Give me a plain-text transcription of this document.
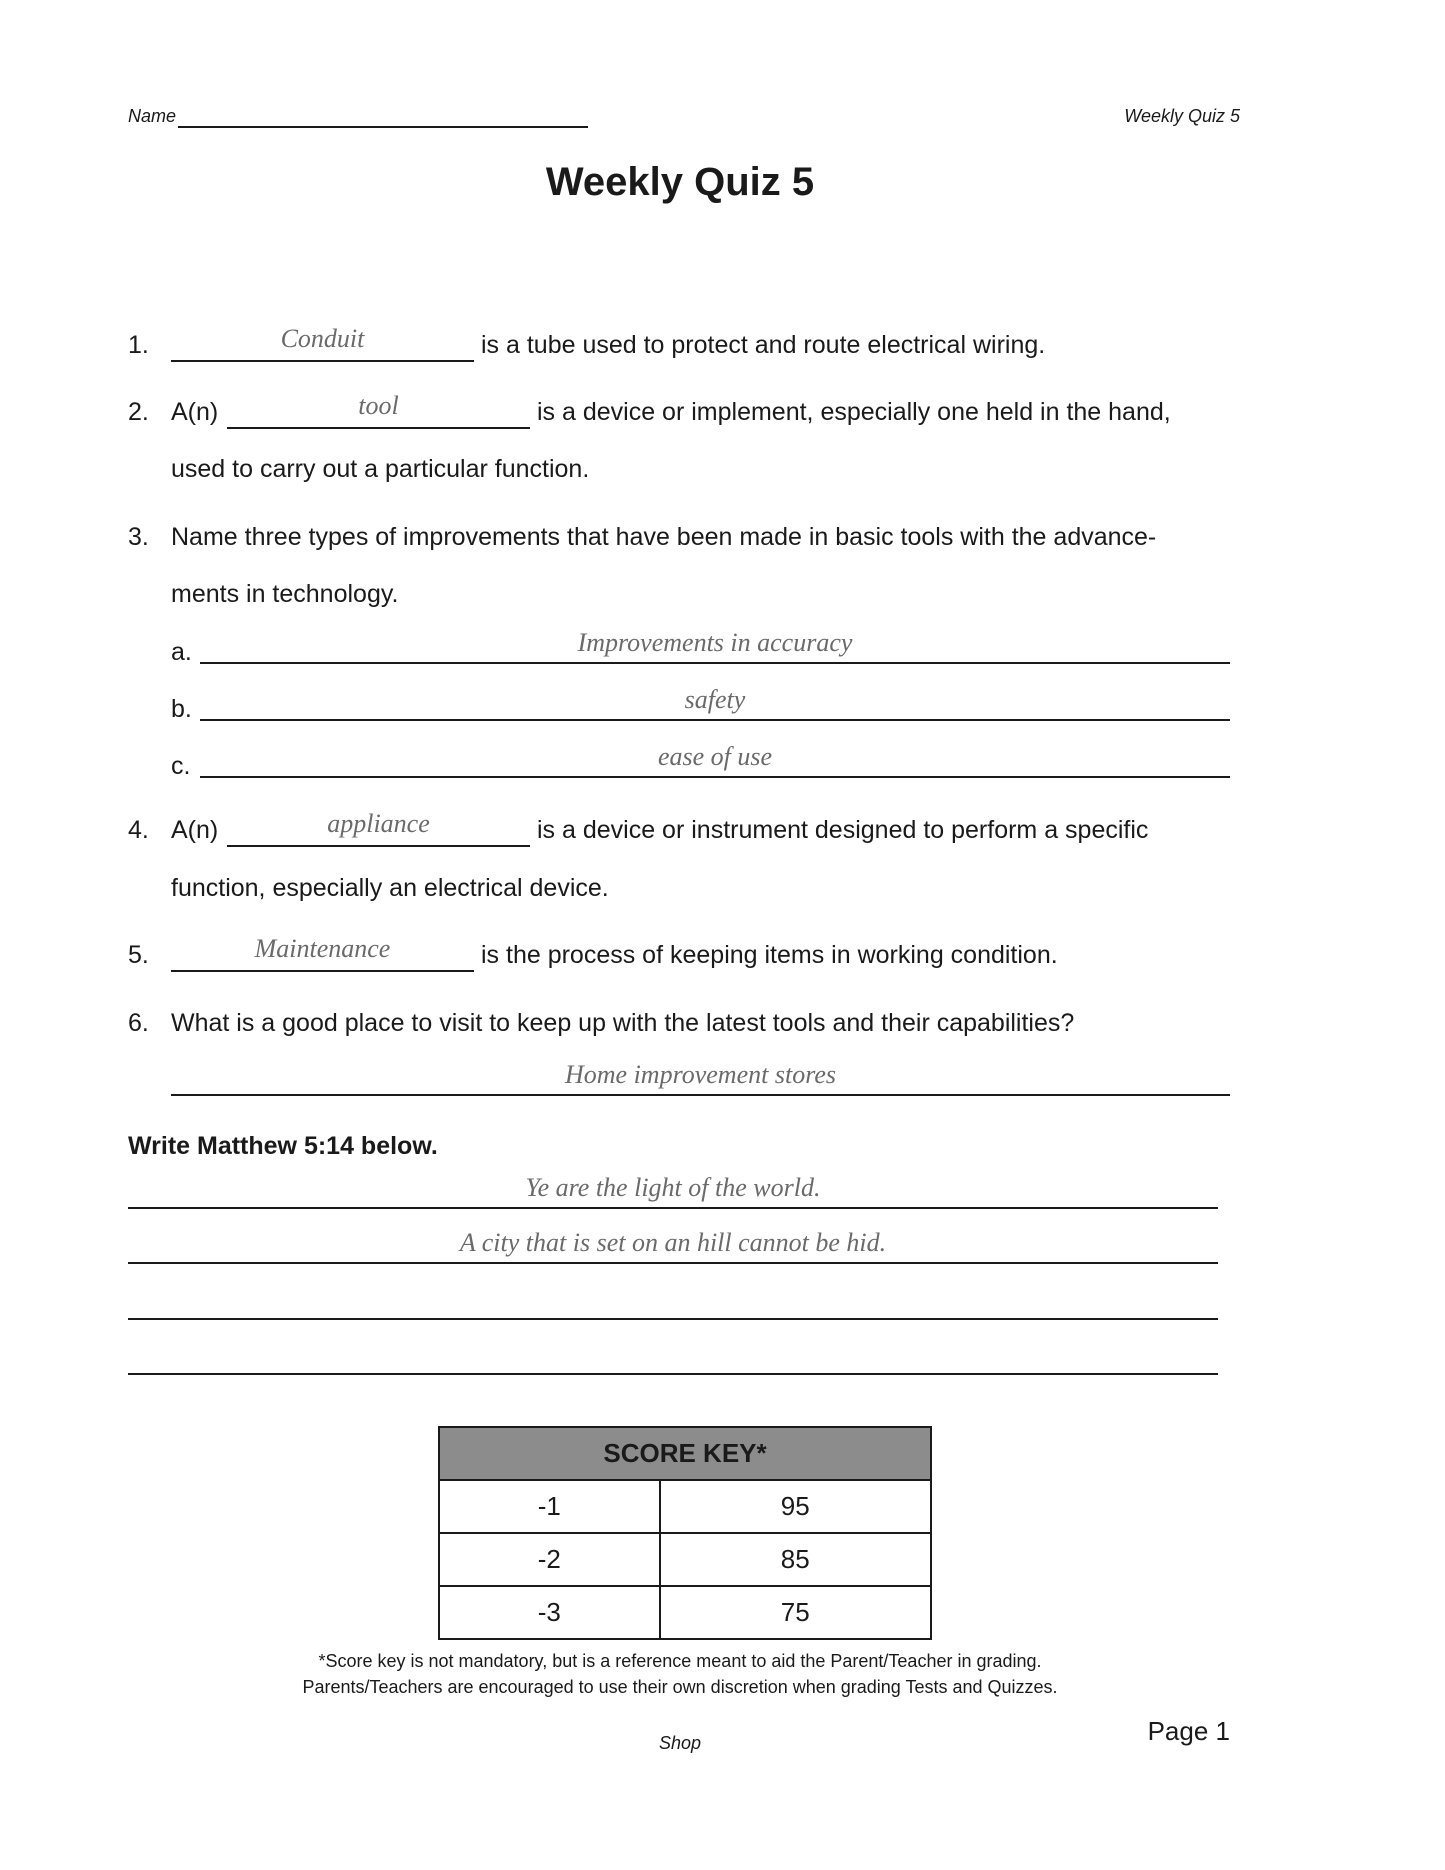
Name	Weekly Quiz 5
Weekly Quiz 5
1.	Conduit	is a tube used to protect and route electrical wiring.
2. A(n)	tool	is a device or implement, especially one held in the hand,
used to carry out a particular function.
3. Name three types of improvements that have been made in basic tools with the advance-
ments in technology.
a.	Improvements in accuracy
b.	safety
c.	ease of use
4. A(n)	appliance	is a device or instrument designed to perform a specific
function, especially an electrical device.
5.	Maintenance	is the process of keeping items in working condition.
6. What is a good place to visit to keep up with the latest tools and their capabilities?
Home improvement stores
Write Matthew 5:14 below.
Ye are the light of the world.
A city that is set on an hill cannot be hid.
SCORE KEY*	
-1	95
-2	85
-3	75
*Score key is not mandatory, but is a reference meant to aid the Parent/Teacher in grading.
Parents/Teachers are encouraged to use their own discretion when grading Tests and Quizzes.
Shop	Page 1
